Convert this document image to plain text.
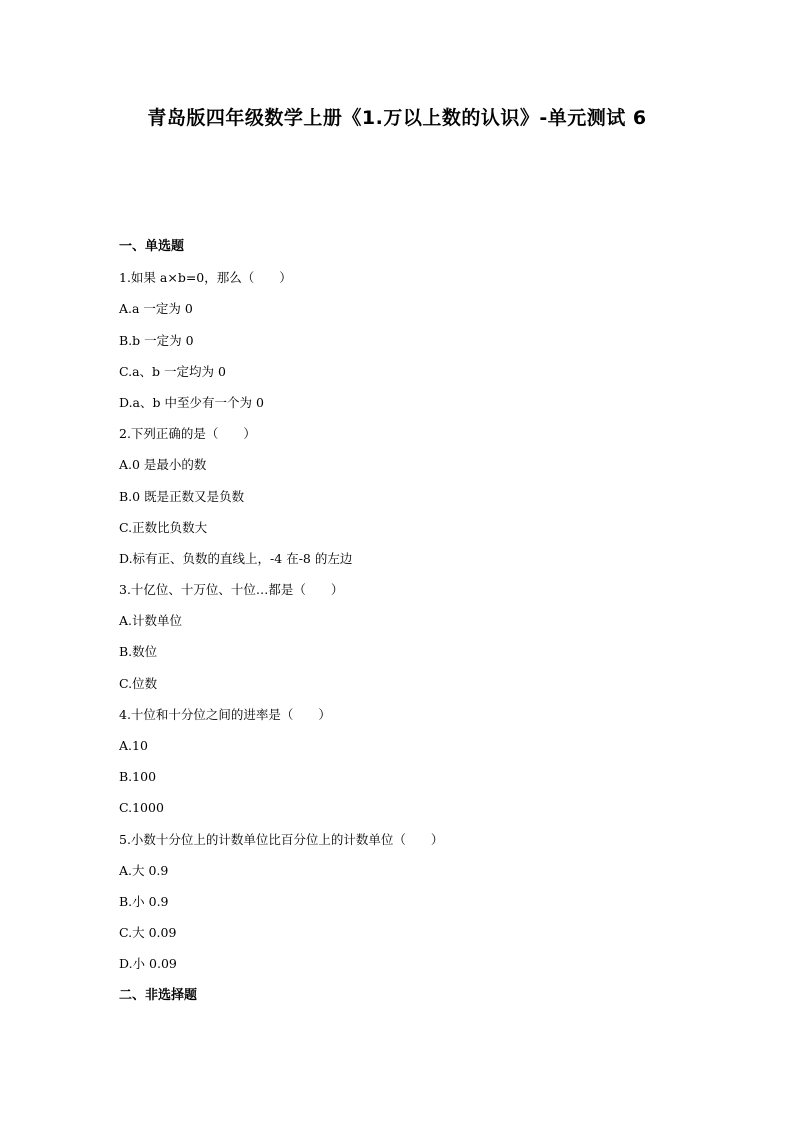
青岛版四年级数学上册《1.万以上数的认识》-单元测试 6
一、单选题
1.如果 a×b=0，那么（　　）
A.a 一定为 0
B.b 一定为 0
C.a、b 一定均为 0
D.a、b 中至少有一个为 0
2.下列正确的是（　　）
A.0 是最小的数
B.0 既是正数又是负数
C.正数比负数大
D.标有正、负数的直线上，-4 在-8 的左边
3.十亿位、十万位、十位…都是（　　）
A.计数单位
B.数位
C.位数
4.十位和十分位之间的进率是（　　）
A.10
B.100
C.1000
5.小数十分位上的计数单位比百分位上的计数单位（　　）
A.大 0.9
B.小 0.9
C.大 0.09
D.小 0.09
二、非选择题
